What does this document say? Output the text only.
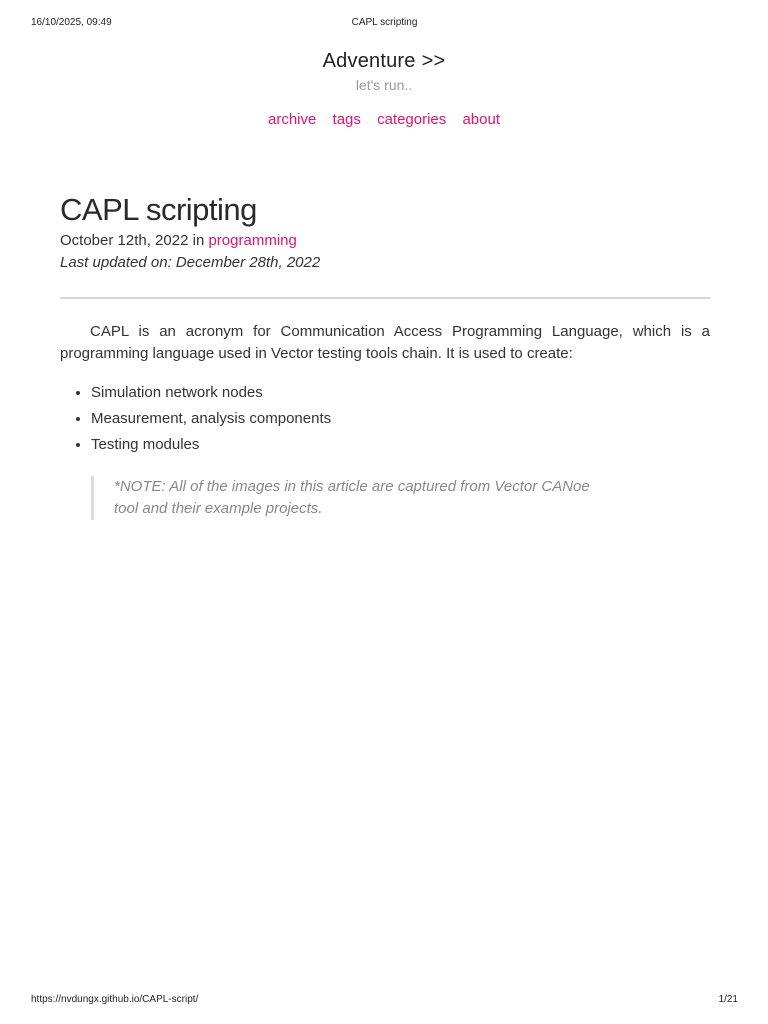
16/10/2025, 09:49	CAPL scripting
Adventure >>
let's run..
archive tags categories about
CAPL scripting
October 12th, 2022 in programming
Last updated on: December 28th, 2022

CAPL is an acronym for Communication Access Programming Language, which is a programming language used in Vector testing tools chain. It is used to create:

• Simulation network nodes
• Measurement, analysis components
• Testing modules
*NOTE: All of the images in this article are captured from Vector CANoe tool and their example projects.
https://nvdungx.github.io/CAPL-script/	1/21
